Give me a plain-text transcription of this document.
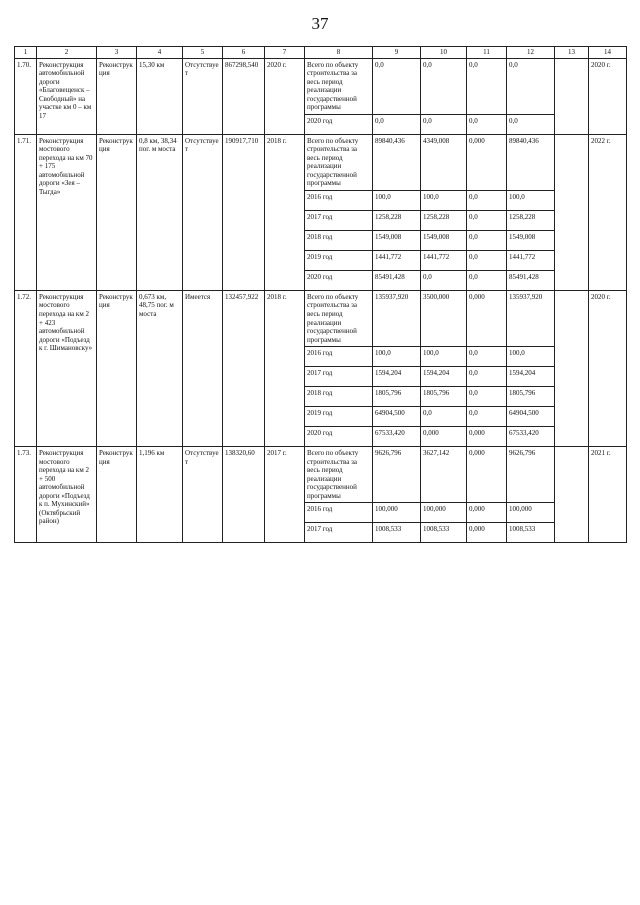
37
1	2	3	4	5	6	7	8	9	10	11	12	13	14
1.70.	Реконструкция автомобильной дороги «Благовещенск – Свободный» на участке км 0 – км 17	Реконструкция	15,30 км	Отсутствует	867298,540	2020 г.	Всего по объекту строительства за весь период реализации государственной программы	0,0	0,0	0,0	0,0		2020 г.
							2020 год	0,0	0,0	0,0	0,0		
1.71.	Реконструкция мостового перехода на км 70 + 175 автомобильной дороги «Зея – Тыгда»	Реконструкция	0,8 км, 38,34 пог. м моста	Отсутствует	190917,710	2018 г.	Всего по объекту строительства за весь период реализации государственной программы	89840,436	4349,008	0,000	89840,436		2022 г.
							2016 год	100,0	100,0	0,0	100,0		
							2017 год	1258,228	1258,228	0,0	1258,228		
							2018 год	1549,008	1549,008	0,0	1549,008		
							2019 год	1441,772	1441,772	0,0	1441,772		
							2020 год	85491,428	0,0	0,0	85491,428		
1.72.	Реконструкция мостового перехода на км 2 + 423 автомобильной дороги «Подъезд к г. Шимановску»	Реконструкция	0,673 км, 48,75 пог. м моста	Имеется	132457,922	2018 г.	Всего по объекту строительства за весь период реализации государственной программы	135937,920	3500,000	0,000	135937,920		2020 г.
							2016 год	100,0	100,0	0,0	100,0		
							2017 год	1594,204	1594,204	0,0	1594,204		
							2018 год	1805,796	1805,796	0,0	1805,796		
							2019 год	64904,500	0,0	0,0	64904,500		
							2020 год	67533,420	0,000	0,000	67533,420		
1.73.	Реконструкция мостового перехода на км 2 + 500 автомобильной дороги «Подъезд к п. Мухинский» (Октябрьский район)	Реконструкция	1,196 км	Отсутствует	138320,60	2017 г.	Всего по объекту строительства за весь период реализации государственной программы	9626,796	3627,142	0,000	9626,796		2021 г.
							2016 год	100,000	100,000	0,000	100,000		
							2017 год	1008,533	1008,533	0,000	1008,533		
